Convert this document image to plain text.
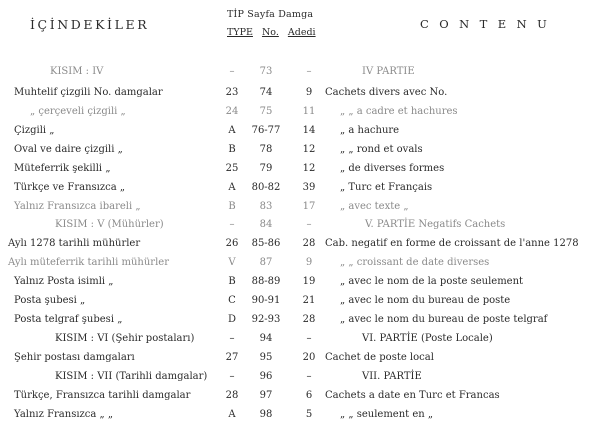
İÇİNDEKİLER
TİP Sayfa Damga
TYPE No. Adedi
C O N T E N U
KISIM : IV	–	73	–	IV PARTIE
Muhtelif çizgili No. damgalar	23	74	9	Cachets divers avec No.
„ çerçeveli çizgili „	24	75	11	„ „ a cadre et hachures
Çizgili „	A	76-77	14	„ a hachure
Oval ve daire çizgili „	B	78	12	„ „ rond et ovals
Müteferrik şekilli „	25	79	12	„ de diverses formes
Türkçe ve Fransızca „	A	80-82	39	„ Turc et Français
Yalnız Fransızca ibareli „	B	83	17	„ avec texte „
KISIM : V (Mühürler)	–	84	–	V. PARTİE Negatifs Cachets
Aylı 1278 tarihli mühürler	26	85-86	28 Cab. negatif en forme de croissant de l'anne 1278
Aylı müteferrik tarihli mühürler	V	87	9	„ „ croissant de date diverses
Yalnız Posta isimli „	B	88-89	19	„ avec le nom de la poste seulement
Posta şubesi „	C	90-91	21	„ avec le nom du bureau de poste
Posta telgraf şubesi „	D	92-93	28	„ avec le nom du bureau de poste telgraf
KISIM : VI (Şehir postaları)	–	94	–	VI. PARTİE (Poste Locale)
Şehir postası damgaları	27	95	20 Cachet de poste local
KISIM : VII (Tarihli damgalar)	–	96	–	VII. PARTİE
Türkçe, Fransızca tarihli damgalar	28	97	6	Cachets a date en Turc et Francas
Yalnız Fransızca „ „	A	98	5	„ „ seulement en „
